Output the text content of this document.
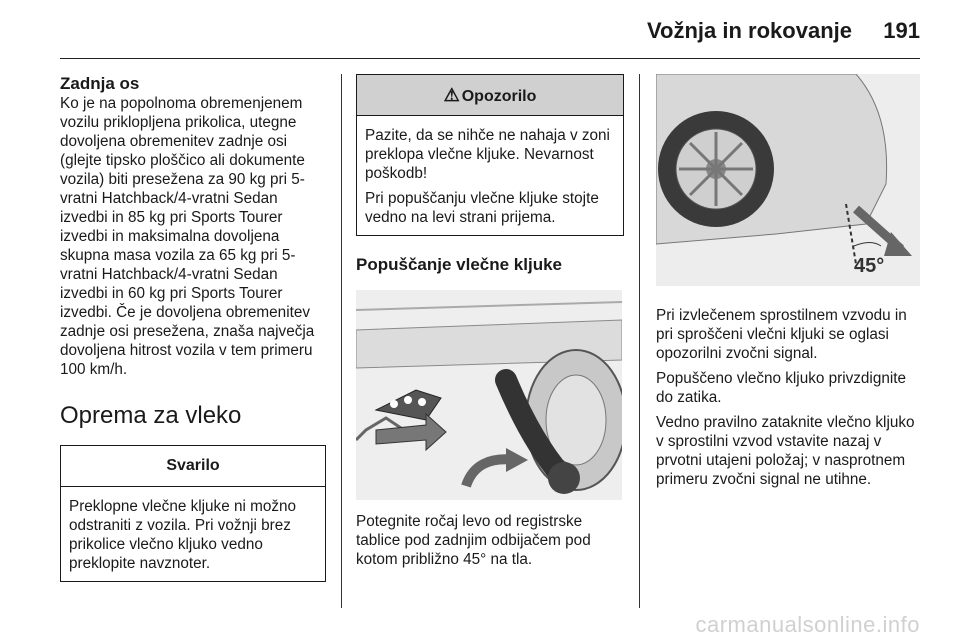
Vožnja in rokovanje 191
Zadnja os

Ko je na popolnoma obremenjenem vozilu priklopljena prikolica, utegne dovoljena obremenitev zadnje osi (glejte tipsko ploščico ali dokumente vozila) biti presežena za 90 kg pri 5-vratni Hatchback/4-vratni Sedan izvedbi in 85 kg pri Sports Tourer izvedbi in maksimalna dovoljena skupna masa vozila za 65 kg pri 5-vratni Hatchback/4-vratni Sedan izvedbi in 60 kg pri Sports Tourer izvedbi. Če je dovoljena obremenitev zadnje osi presežena, znaša največja dovoljena hitrost vozila v tem primeru 100 km/h.

Oprema za vleko
Svarilo

Preklopne vlečne kljuke ni možno odstraniti z vozila. Pri vožnji brez prikolice vlečno kljuko vedno preklopite navznoter.

⚠ Opozorilo

Pazite, da se nihče ne nahaja v zoni preklopa vlečne kljuke. Nevarnost poškodb!

Pri popuščanju vlečne kljuke stojte vedno na levi strani prijema.

Popuščanje vlečne kljuke

Potegnite ročaj levo od registrske tablice pod zadnjim odbijačem pod kotom približno 45° na tla.

45°

Pri izvlečenem sprostilnem vzvodu in pri sproščeni vlečni kljuki se oglasi opozorilni zvočni signal.

Popuščeno vlečno kljuko privzdignite do zatika.

Vedno pravilno zataknite vlečno kljuko v sprostilni vzvod vstavite nazaj v prvotni utajeni položaj; v nasprotnem primeru zvočni signal ne utihne.

carmanualsonline.info
